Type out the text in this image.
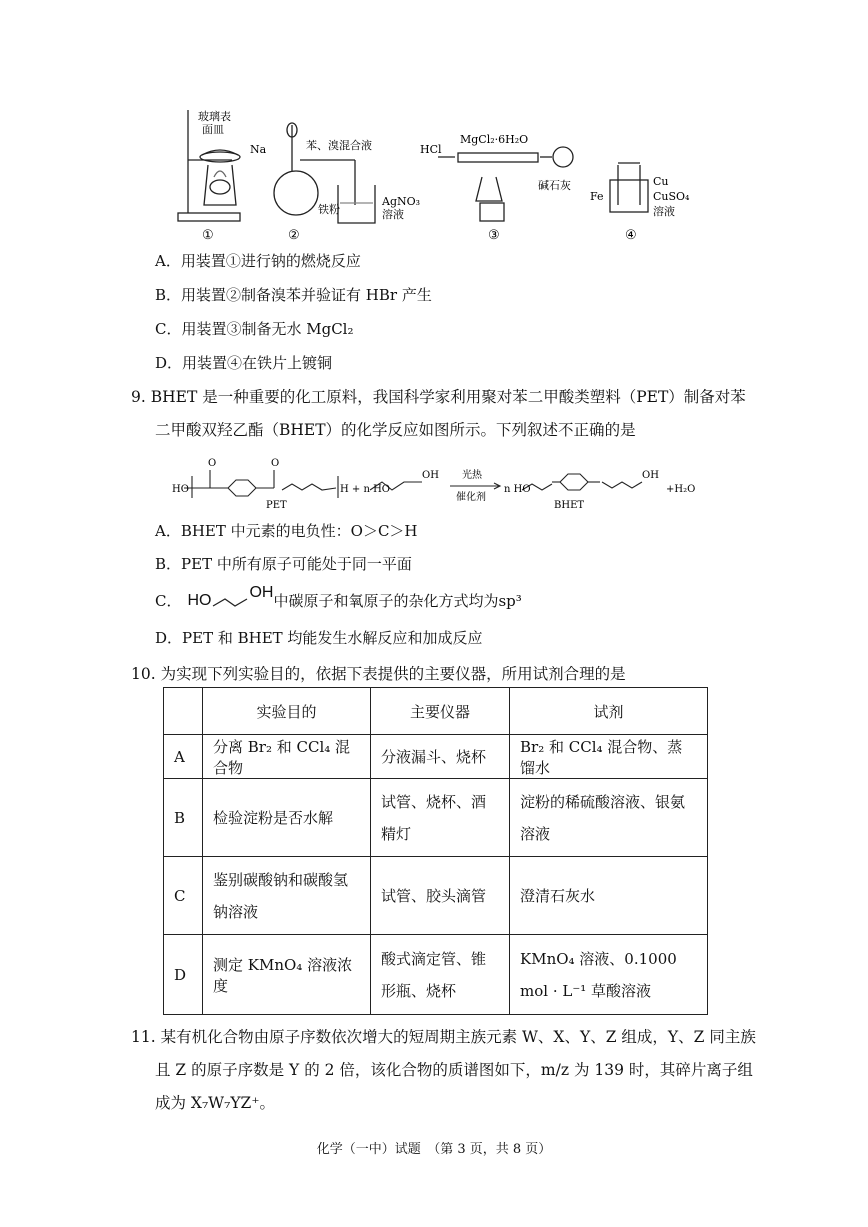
玻璃表
面皿
Na	苯、溴混合液
铁粉
AgNO₃
溶液
HCl
MgCl₂·6H₂O
碱石灰
Fe
Cu
CuSO₄
溶液
①	②	③	④
A．用装置①进行钠的燃烧反应
B．用装置②制备溴苯并验证有 HBr 产生
C．用装置③制备无水 MgCl₂
D．用装置④在铁片上镀铜
9. BHET 是一种重要的化工原料，我国科学家利用聚对苯二甲酸类塑料（PET）制备对苯
二甲酸双羟乙酯（BHET）的化学反应如图所示。下列叙述不正确的是
HO
O	O
PET
H + n HO
OH 光热
催化剂
n HO
OH
BHET
+H₂O
A．BHET 中元素的电负性：O＞C＞H
B．PET 中所有原子可能处于同一平面
C． HO OH 中碳原子和氧原子的杂化方式均为sp³
D．PET 和 BHET 均能发生水解反应和加成反应
10. 为实现下列实验目的，依据下表提供的主要仪器，所用试剂合理的是
	实验目的	主要仪器	试剂
A	分离 Br₂ 和 CCl₄ 混合物	分液漏斗、烧杯	Br₂ 和 CCl₄ 混合物、蒸馏水
B	检验淀粉是否水解	试管、烧杯、酒精灯	淀粉的稀硫酸溶液、银氨溶液
C	鉴别碳酸钠和碳酸氢钠溶液	试管、胶头滴管	澄清石灰水
D	测定 KMnO₄ 溶液浓度	酸式滴定管、锥形瓶、烧杯	KMnO₄ 溶液、0.1000 mol · L⁻¹ 草酸溶液
11. 某有机化合物由原子序数依次增大的短周期主族元素 W、X、Y、Z 组成，Y、Z 同主族
且 Z 的原子序数是 Y 的 2 倍，该化合物的质谱图如下，m/z 为 139 时，其碎片离子组
成为 X₇W₇YZ⁺。
化学（一中）试题　（第 3 页，共 8 页）
